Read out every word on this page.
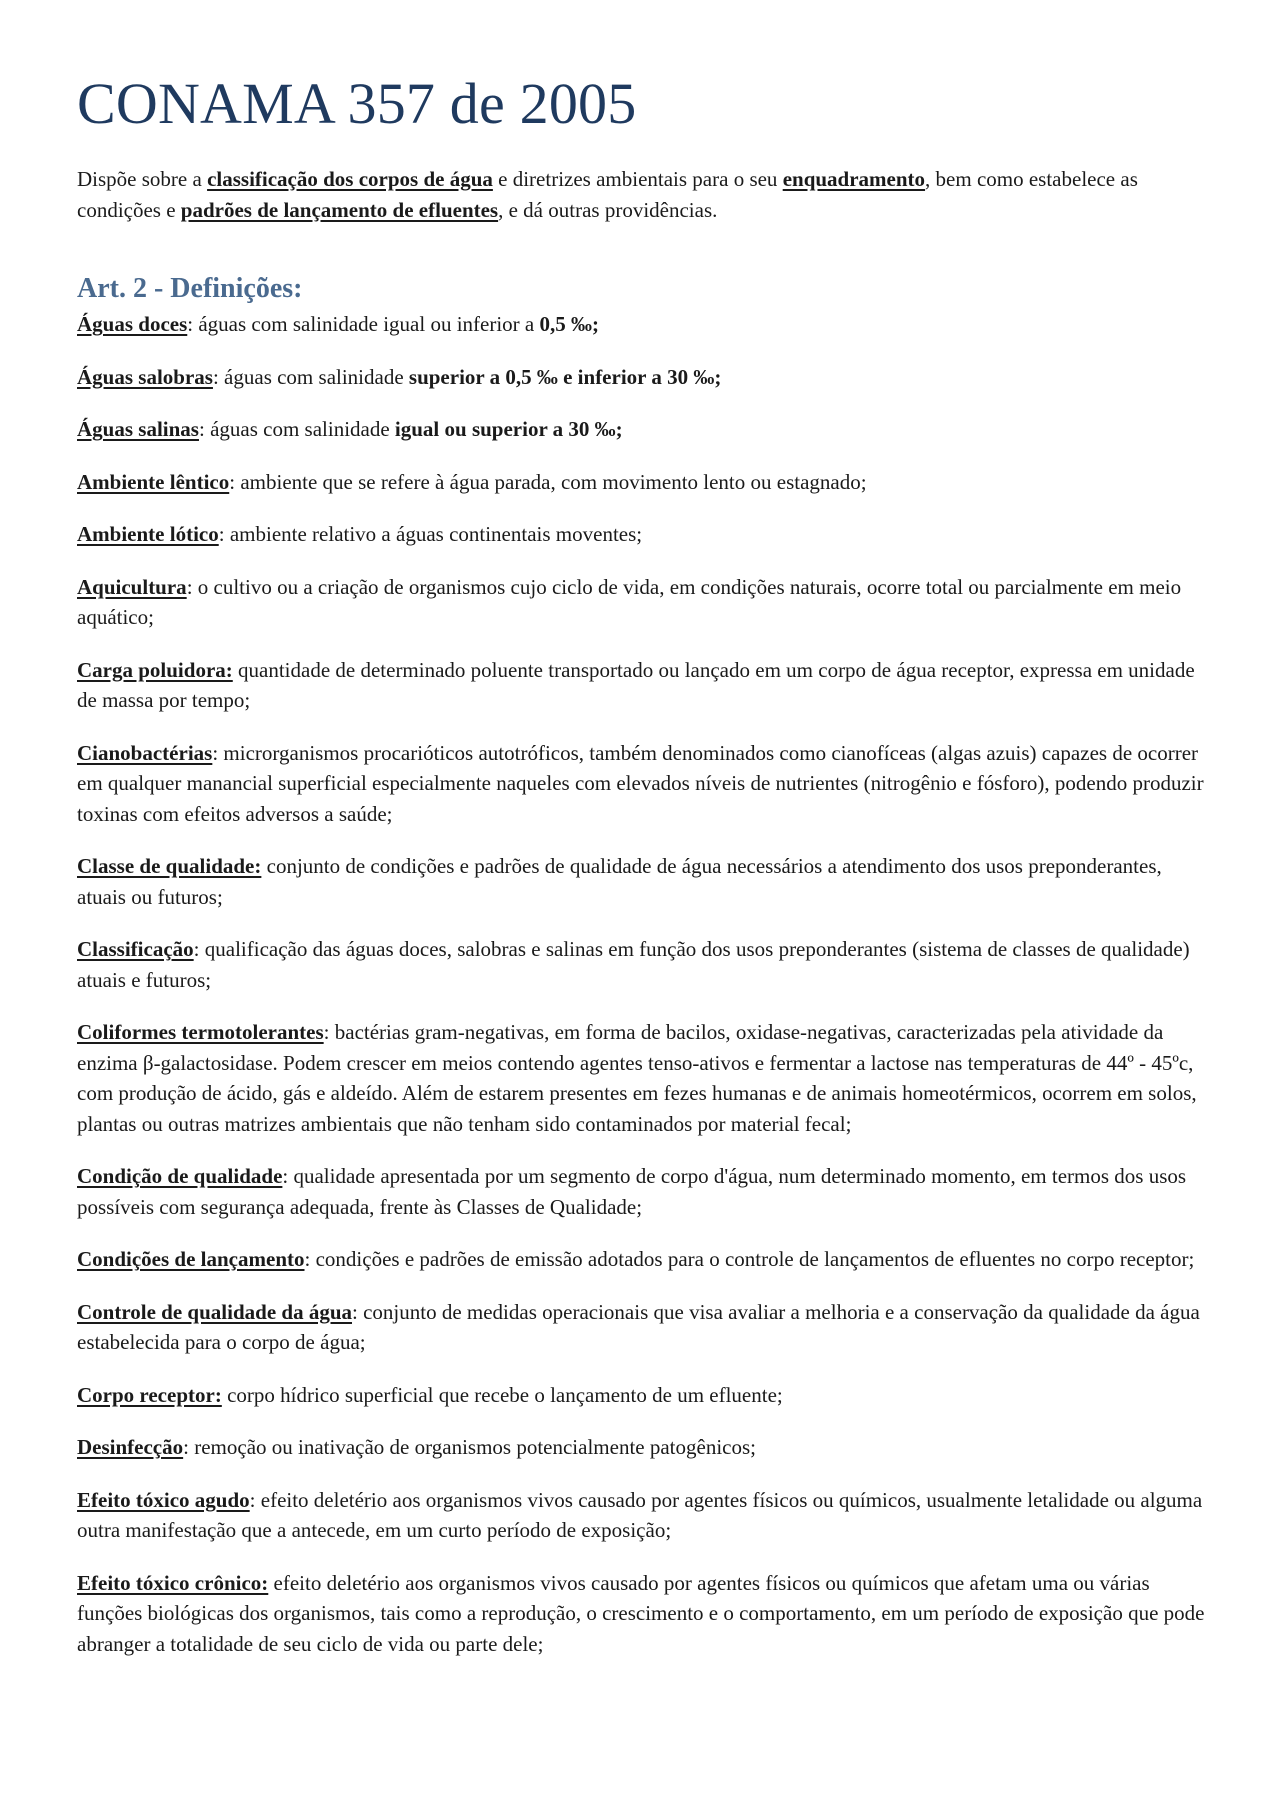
CONAMA 357 de 2005

Dispõe sobre a classificação dos corpos de água e diretrizes ambientais para o seu enquadramento, bem como estabelece as condições e padrões de lançamento de efluentes, e dá outras providências.

Art. 2 - Definições:
Águas doces: águas com salinidade igual ou inferior a 0,5 ‰;
Águas salobras: águas com salinidade superior a 0,5 ‰ e inferior a 30 ‰;
Águas salinas: águas com salinidade igual ou superior a 30 ‰;
Ambiente lêntico: ambiente que se refere à água parada, com movimento lento ou estagnado;
Ambiente lótico: ambiente relativo a águas continentais moventes;
Aquicultura: o cultivo ou a criação de organismos cujo ciclo de vida, em condições naturais, ocorre total ou parcialmente em meio aquático;
Carga poluidora: quantidade de determinado poluente transportado ou lançado em um corpo de água receptor, expressa em unidade de massa por tempo;
Cianobactérias: microrganismos procarióticos autotróficos, também denominados como cianofíceas (algas azuis) capazes de ocorrer em qualquer manancial superficial especialmente naqueles com elevados níveis de nutrientes (nitrogênio e fósforo), podendo produzir toxinas com efeitos adversos a saúde;
Classe de qualidade: conjunto de condições e padrões de qualidade de água necessários a atendimento dos usos preponderantes, atuais ou futuros;
Classificação: qualificação das águas doces, salobras e salinas em função dos usos preponderantes (sistema de classes de qualidade) atuais e futuros;
Coliformes termotolerantes: bactérias gram-negativas, em forma de bacilos, oxidase-negativas, caracterizadas pela atividade da enzima β-galactosidase. Podem crescer em meios contendo agentes tenso-ativos e fermentar a lactose nas temperaturas de 44º - 45ºc, com produção de ácido, gás e aldeído. Além de estarem presentes em fezes humanas e de animais homeotérmicos, ocorrem em solos, plantas ou outras matrizes ambientais que não tenham sido contaminados por material fecal;
Condição de qualidade: qualidade apresentada por um segmento de corpo d'água, num determinado momento, em termos dos usos possíveis com segurança adequada, frente às Classes de Qualidade;
Condições de lançamento: condições e padrões de emissão adotados para o controle de lançamentos de efluentes no corpo receptor;
Controle de qualidade da água: conjunto de medidas operacionais que visa avaliar a melhoria e a conservação da qualidade da água estabelecida para o corpo de água;
Corpo receptor: corpo hídrico superficial que recebe o lançamento de um efluente;
Desinfecção: remoção ou inativação de organismos potencialmente patogênicos;
Efeito tóxico agudo: efeito deletério aos organismos vivos causado por agentes físicos ou químicos, usualmente letalidade ou alguma outra manifestação que a antecede, em um curto período de exposição;
Efeito tóxico crônico: efeito deletério aos organismos vivos causado por agentes físicos ou químicos que afetam uma ou várias funções biológicas dos organismos, tais como a reprodução, o crescimento e o comportamento, em um período de exposição que pode abranger a totalidade de seu ciclo de vida ou parte dele;
